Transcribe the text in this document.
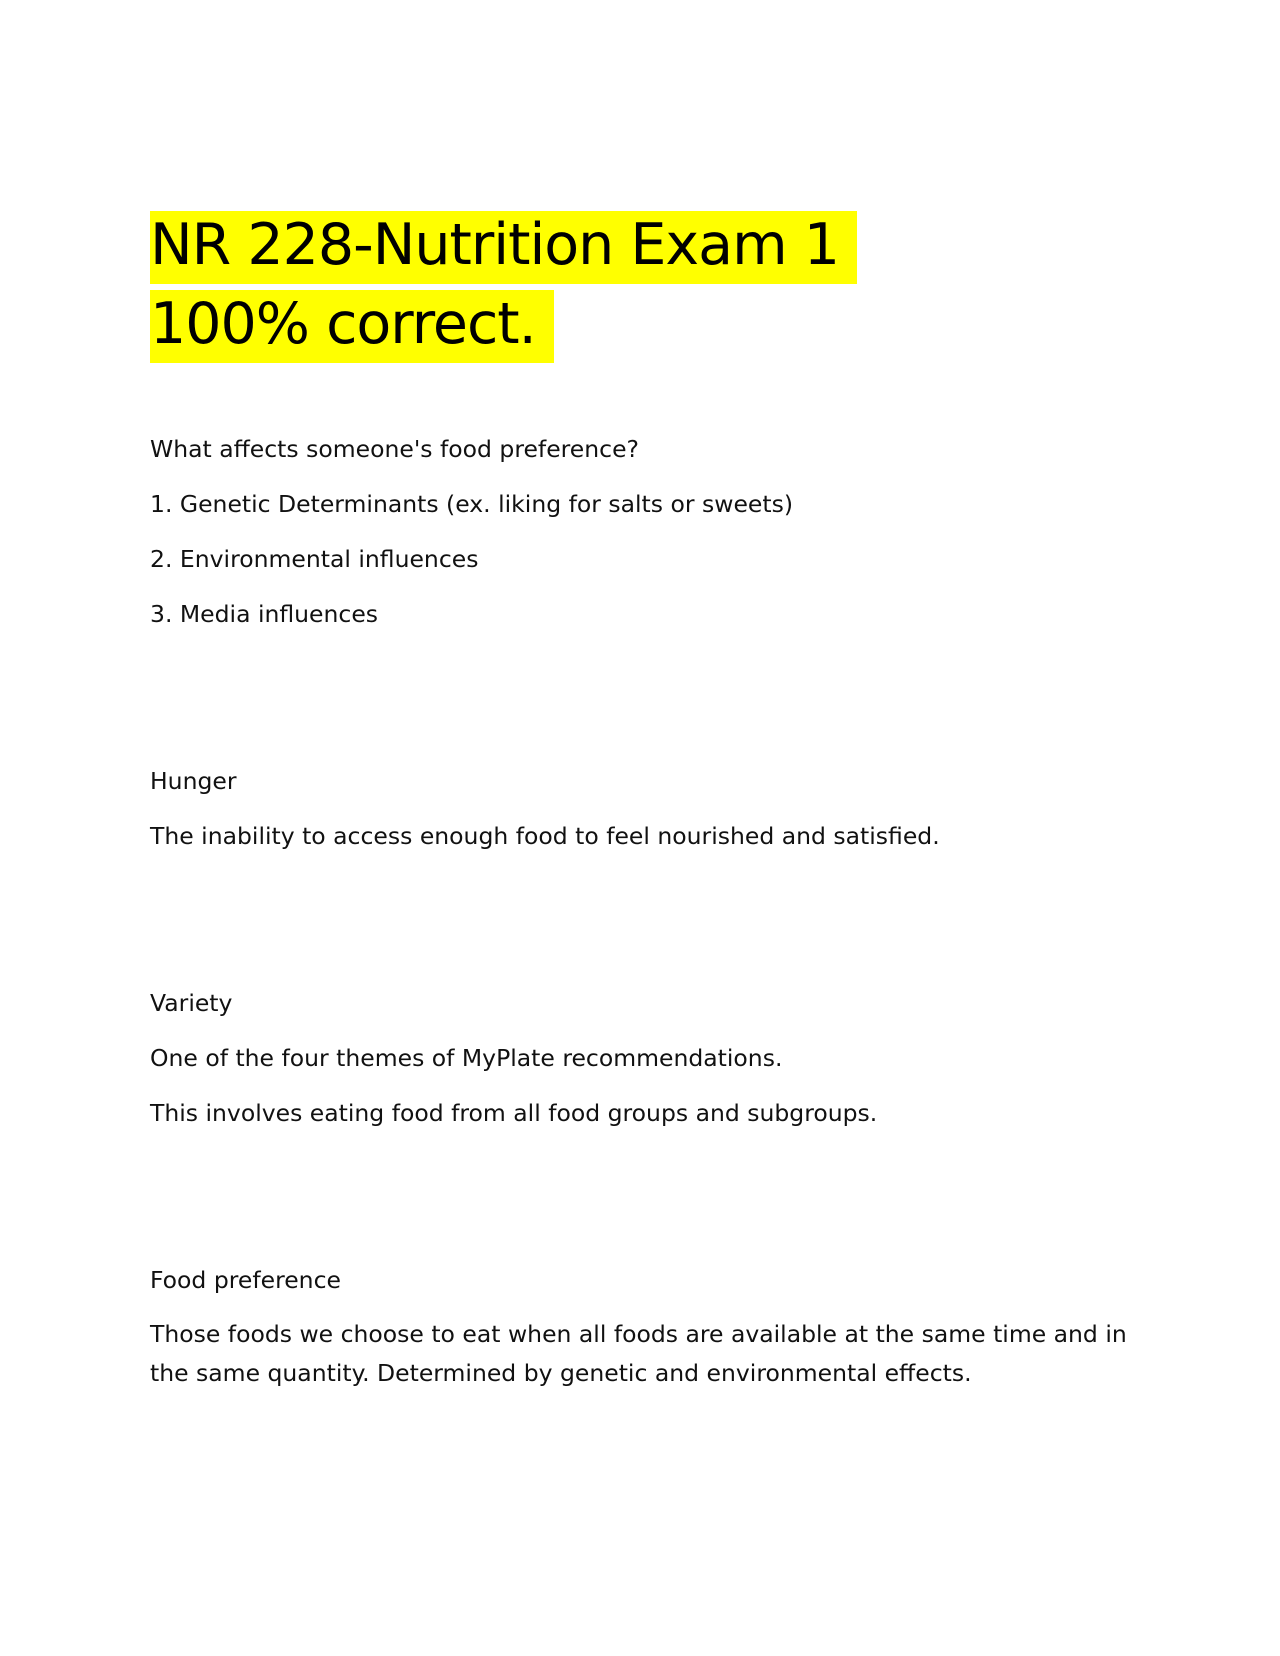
NR 228-Nutrition Exam 1 100% correct.

What affects someone's food preference?

1. Genetic Determinants (ex. liking for salts or sweets)

2. Environmental influences

3. Media influences

Hunger

The inability to access enough food to feel nourished and satisfied.

Variety

One of the four themes of MyPlate recommendations.

This involves eating food from all food groups and subgroups.

Food preference

Those foods we choose to eat when all foods are available at the same time and in the same quantity. Determined by genetic and environmental effects.
